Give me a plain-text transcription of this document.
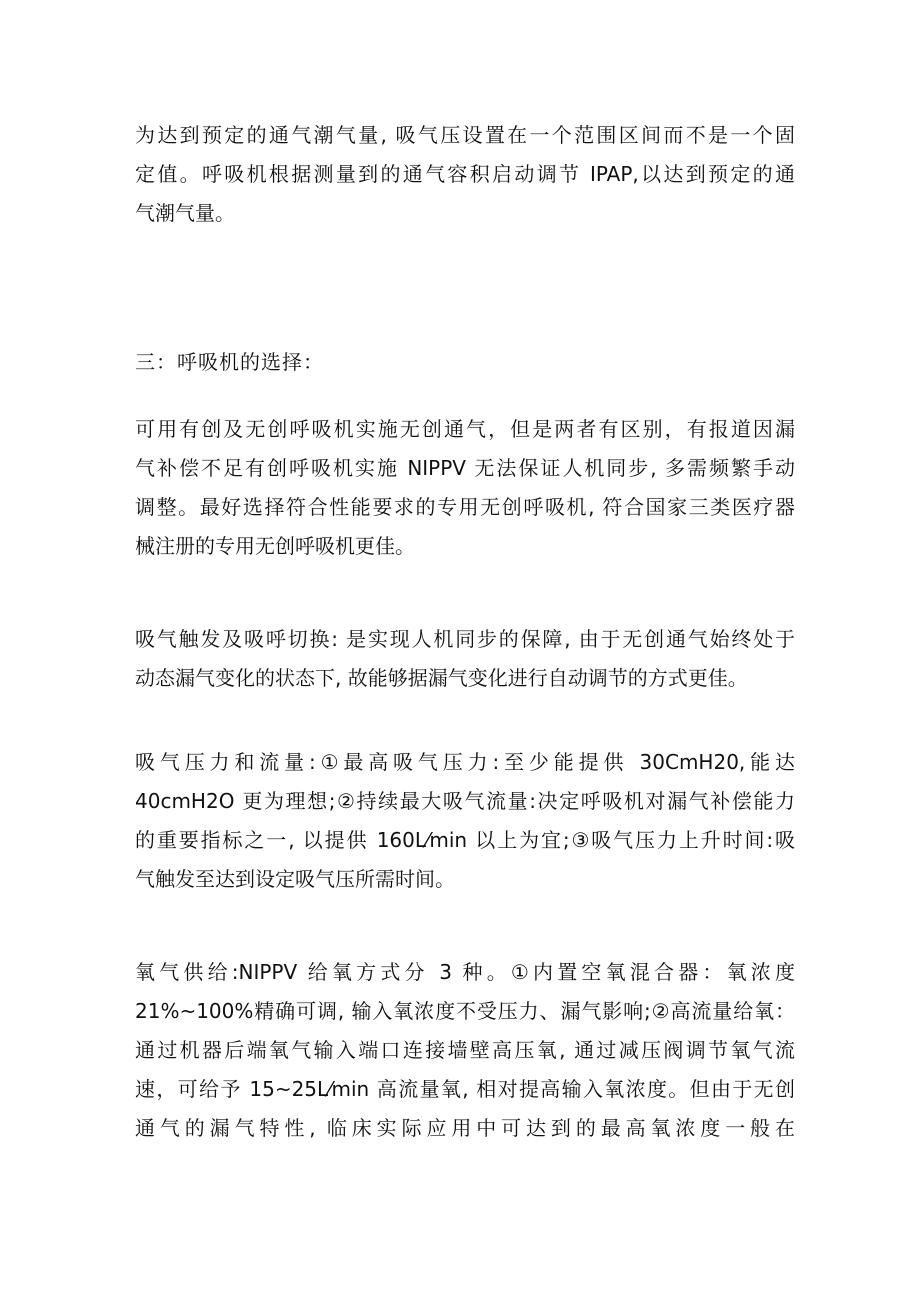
为达到预定的通气潮气量, 吸气压设置在一个范围区间而不是一个固
定值。呼吸机根据测量到的通气容积启动调节 IPAP,以达到预定的通
气潮气量。

三：呼吸机的选择：

可用有创及无创呼吸机实施无创通气，但是两者有区别，有报道因漏
气补偿不足有创呼吸机实施 NIPPV 无法保证人机同步, 多需频繁手动
调整。最好选择符合性能要求的专用无创呼吸机, 符合国家三类医疗器
械注册的专用无创呼吸机更佳。
吸气触发及吸呼切换: 是实现人机同步的保障, 由于无创通气始终处于
动态漏气变化的状态下, 故能够据漏气变化进行自动调节的方式更佳。
吸气压力和流量:①最高吸气压力:至少能提供 30CmH20,能达
40cmH2O 更为理想;②持续最大吸气流量:决定呼吸机对漏气补偿能力
的重要指标之一, 以提供 160L⁄min 以上为宜;③吸气压力上升时间:吸
气触发至达到设定吸气压所需时间。
氧气供给:NIPPV 给氧方式分 3 种。①内置空氧混合器：氧浓度
21%~100%精确可调, 输入氧浓度不受压力、漏气影响;②高流量给氧：
通过机器后端氧气输入端口连接墙壁高压氧, 通过减压阀调节氧气流
速，可给予 15~25L⁄min 高流量氧, 相对提高输入氧浓度。但由于无创
通气的漏气特性, 临床实际应用中可达到的最高氧浓度一般在
